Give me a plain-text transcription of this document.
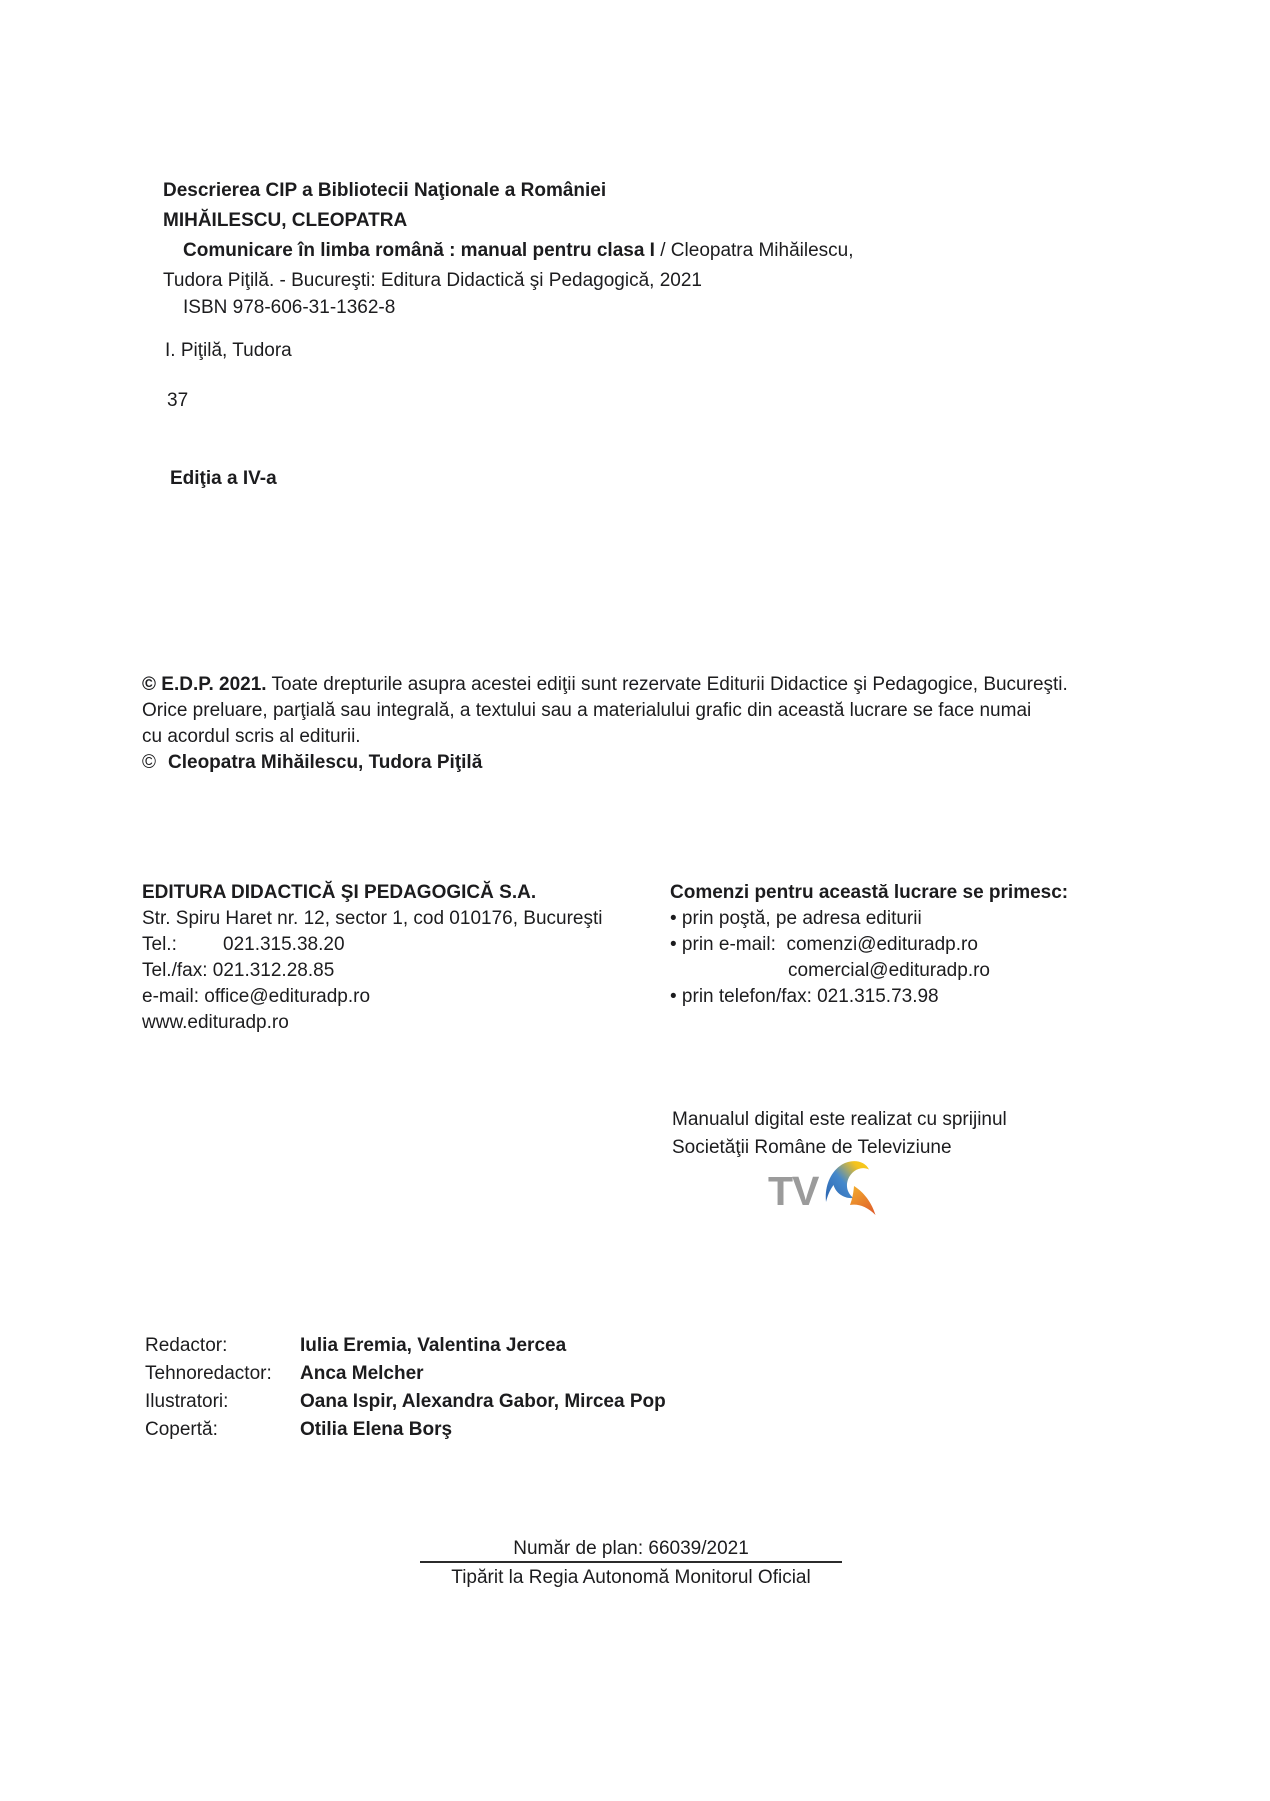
Descrierea CIP a Bibliotecii Naţionale a României
MIHĂILESCU, CLEOPATRA
Comunicare în limba română : manual pentru clasa I / Cleopatra Mihăilescu,
Tudora Piţilă. - Bucureşti: Editura Didactică şi Pedagogică, 2021
ISBN 978-606-31-1362-8
I. Piţilă, Tudora
37
Ediţia a IV-a
© E.D.P. 2021. Toate drepturile asupra acestei ediţii sunt rezervate Editurii Didactice şi Pedagogice, Bucureşti.
Orice preluare, parţială sau integrală, a textului sau a materialului grafic din această lucrare se face numai
cu acordul scris al editurii.
© Cleopatra Mihăilescu, Tudora Piţilă
EDITURA DIDACTICĂ ŞI PEDAGOGICĂ S.A.
Str. Spiru Haret nr. 12, sector 1, cod 010176, Bucureşti
Tel.: 021.315.38.20
Tel./fax: 021.312.28.85
e-mail: office@edituradp.ro
www.edituradp.ro
Comenzi pentru această lucrare se primesc:
• prin poştă, pe adresa editurii
• prin e-mail:  comenzi@edituradp.ro
comercial@edituradp.ro
• prin telefon/fax: 021.315.73.98
Manualul digital este realizat cu sprijinul
Societăţii Române de Televiziune
TV
Redactor:	Iulia Eremia, Valentina Jercea
Tehnoredactor:	Anca Melcher
Ilustratori:	Oana Ispir, Alexandra Gabor, Mircea Pop
Copertă:	Otilia Elena Borş
Număr de plan: 66039/2021
Tipărit la Regia Autonomă Monitorul Oficial
